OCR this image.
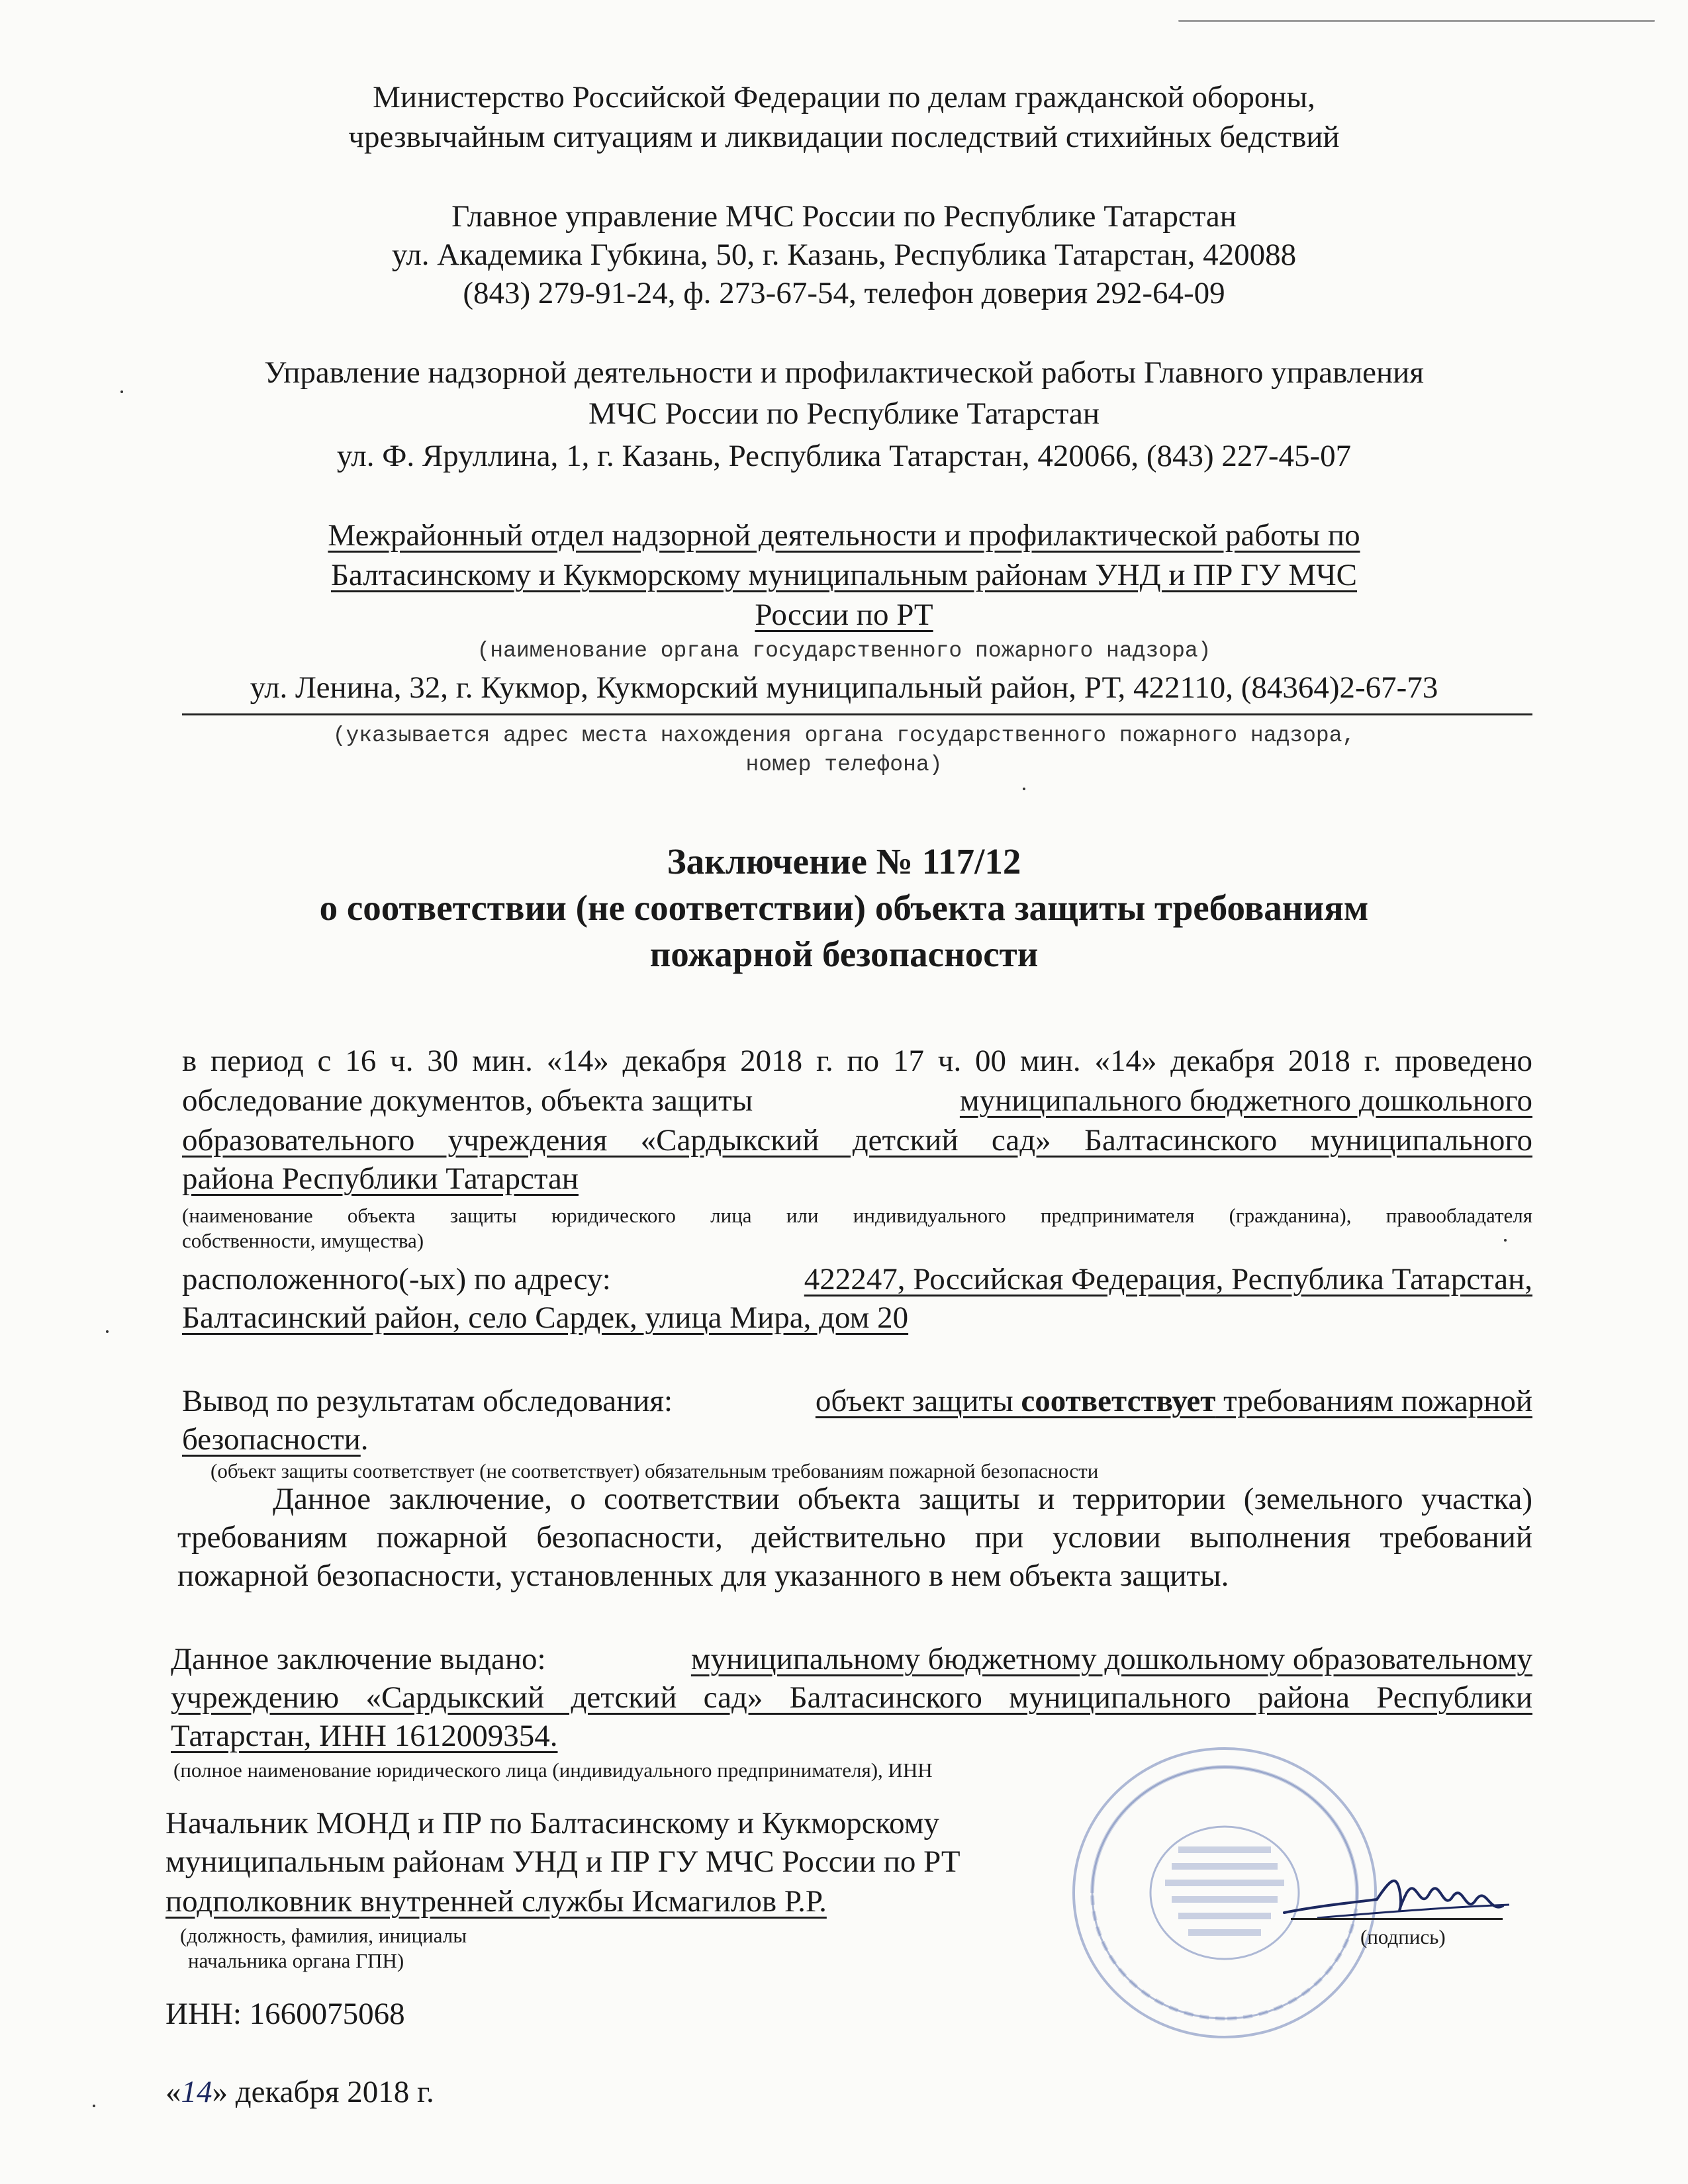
Министерство Российской Федерации по делам гражданской обороны,
чрезвычайным ситуациям и ликвидации последствий стихийных бедствий
Главное управление МЧС России по Республике Татарстан
ул. Академика Губкина, 50, г. Казань, Республика Татарстан, 420088
(843) 279-91-24, ф. 273-67-54, телефон доверия 292-64-09
Управление надзорной деятельности и профилактической работы Главного управления
МЧС России по Республике Татарстан
ул. Ф. Яруллина, 1, г. Казань, Республика Татарстан, 420066, (843) 227-45-07
Межрайонный отдел надзорной деятельности и профилактической работы по
Балтасинскому и Кукморскому муниципальным районам УНД и ПР ГУ МЧС
России по РТ
(наименование органа государственного пожарного надзора)
ул. Ленина, 32, г. Кукмор, Кукморский муниципальный район, РТ, 422110, (84364)2-67-73
(указывается адрес места нахождения органа государственного пожарного надзора,
номер телефона)
Заключение № 117/12
о соответствии (не соответствии) объекта защиты требованиям
пожарной безопасности
в период с 16 ч. 30 мин. «14» декабря 2018 г. по 17 ч. 00 мин. «14» декабря 2018 г. проведено
обследование документов, объекта защиты	муниципального бюджетного дошкольного
образовательного учреждения «Сардыкский детский сад» Балтасинского муниципального
района Республики Татарстан
(наименование объекта защиты юридического лица или индивидуального предпринимателя (гражданина), правообладателя
собственности, имущества)
расположенного(-ых) по адресу:	422247, Российская Федерация, Республика Татарстан,
Балтасинский район, село Сардек, улица Мира, дом 20
Вывод по результатам обследования:	объект защиты соответствует требованиям пожарной
безопасности.
(объект защиты соответствует (не соответствует) обязательным требованиям пожарной безопасности
Данное заключение, о соответствии объекта защиты и территории (земельного участка)
требованиям пожарной безопасности, действительно при условии выполнения требований
пожарной безопасности, установленных для указанного в нем объекта защиты.
Данное заключение выдано:	муниципальному бюджетному дошкольному образовательному
учреждению «Сардыкский детский сад» Балтасинского муниципального района Республики
Татарстан, ИНН 1612009354.
(полное наименование юридического лица (индивидуального предпринимателя), ИНН
Начальник МОНД и ПР по Балтасинскому и Кукморскому
муниципальным районам УНД и ПР ГУ МЧС России по РТ
подполковник внутренней службы Исмагилов Р.Р.
(должность, фамилия, инициалы
начальника органа ГПН)
(подпись)
ИНН: 1660075068
«14» декабря 2018 г.
